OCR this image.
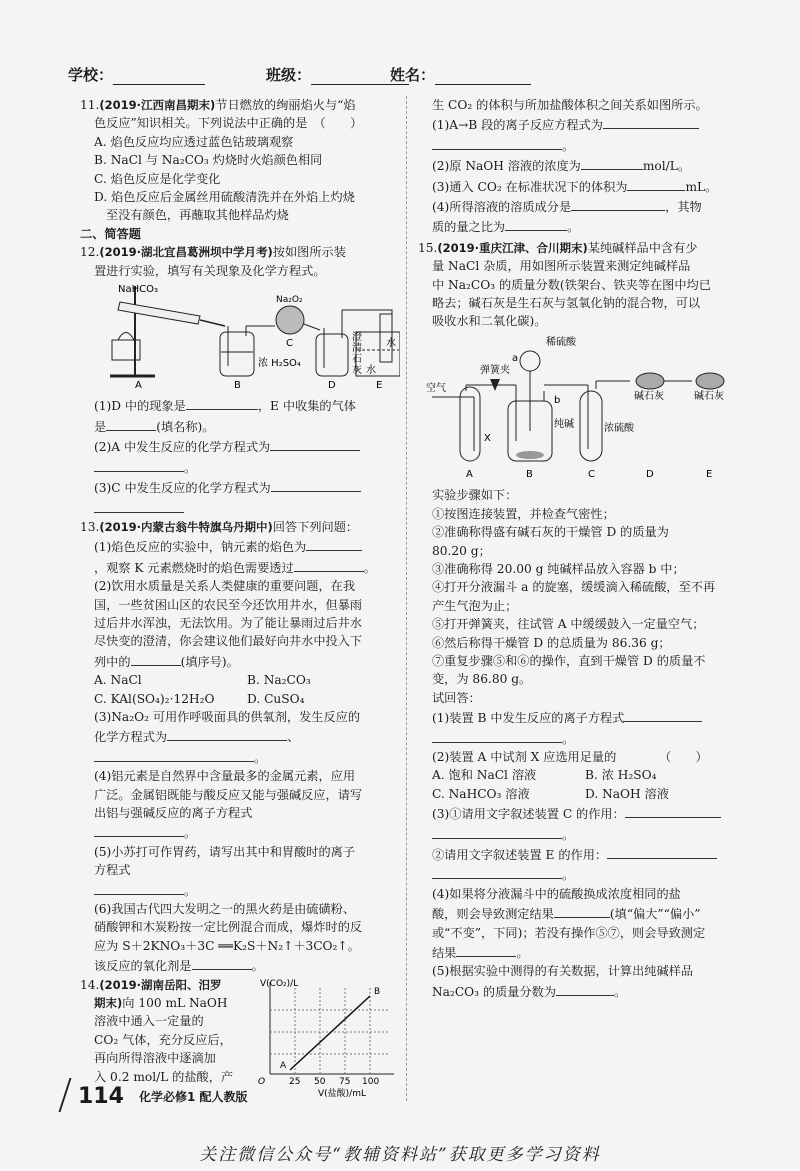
学校：	班级：	姓名：

11.(2019·江西南昌期末)节日燃放的绚丽焰火与“焰

色反应”知识相关。下列说法中正确的是　（　　）

A. 焰色反应均应透过蓝色钴玻璃观察

B. NaCl 与 Na₂CO₃ 灼烧时火焰颜色相同

C. 焰色反应是化学变化

D. 焰色反应后金属丝用硫酸清洗并在外焰上灼烧

至没有颜色，再蘸取其他样品灼烧

二、简答题

12.(2019·湖北宜昌葛洲坝中学月考)按如图所示装

置进行实验，填写有关现象及化学方程式。

NaHCO₃
Na₂O₂
浓 H₂SO₄
澄
清
石
灰 水
水
A	B
C
D	E

(1)D 中的现象是	，E 中收集的气体

是	(填名称)。

(2)A 中发生反应的化学方程式为

。

(3)C 中发生反应的化学方程式为

13.(2019·内蒙古翁牛特旗乌丹期中)回答下列问题：

(1)焰色反应的实验中，钠元素的焰色为

，观察 K 元素燃烧时的焰色需要透过	。

(2)饮用水质量是关系人类健康的重要问题，在我

国，一些贫困山区的农民至今还饮用井水，但暴雨

过后井水浑浊，无法饮用。为了能让暴雨过后井水

尽快变的澄清，你会建议他们最好向井水中投入下

列中的	(填序号)。

A. NaCl	B. Na₂CO₃
C. KAl(SO₄)₂·12H₂O	D. CuSO₄

(3)Na₂O₂ 可用作呼吸面具的供氧剂，发生反应的

化学方程式为	、

。

(4)铝元素是自然界中含量最多的金属元素，应用

广泛。金属铝既能与酸反应又能与强碱反应，请写

出铝与强碱反应的离子方程式

。

(5)小苏打可作胃药，请写出其中和胃酸时的离子

方程式

。

(6)我国古代四大发明之一的黑火药是由硫磺粉、

硝酸钾和木炭粉按一定比例混合而成，爆炸时的反

应为 S＋2KNO₃＋3C ══K₂S＋N₂↑＋3CO₂↑。

该反应的氧化剂是	。

14.(2019·湖南岳阳、汨罗

期末)向 100 mL NaOH

溶液中通入一定量的

CO₂ 气体，充分反应后，

再向所得溶液中逐滴加

入 0.2 mol/L 的盐酸，产

V(CO₂)/L
B
A
O	25 50 75 100
V(盐酸)/mL

生 CO₂ 的体积与所加盐酸体积之间关系如图所示。

(1)A→B 段的离子反应方程式为

。

(2)原 NaOH 溶液的浓度为	mol/L。

(3)通入 CO₂ 在标准状况下的体积为	mL。

(4)所得溶液的溶质成分是	，其物

质的量之比为	。

15.(2019·重庆江津、合川期末)某纯碱样品中含有少

量 NaCl 杂质，用如图所示装置来测定纯碱样品

中 Na₂CO₃ 的质量分数(铁架台、铁夹等在图中均已

略去；碱石灰是生石灰与氢氧化钠的混合物，可以

吸收水和二氧化碳)。

稀硫酸
a
b
空气
弹簧夹
X
纯碱	浓硫酸
碱石灰	碱石灰
A	B	C	D	E

实验步骤如下：

①按图连接装置，并检查气密性；

②准确称得盛有碱石灰的干燥管 D 的质量为

80.20 g；

③准确称得 20.00 g 纯碱样品放入容器 b 中；

④打开分液漏斗 a 的旋塞，缓缓滴入稀硫酸，至不再

产生气泡为止；

⑤打开弹簧夹，往试管 A 中缓缓鼓入一定量空气；

⑥然后称得干燥管 D 的总质量为 86.36 g；

⑦重复步骤⑤和⑥的操作，直到干燥管 D 的质量不

变，为 86.80 g。

试回答：

(1)装置 B 中发生反应的离子方程式

。

(2)装置 A 中试剂 X 应选用足量的　　　　（　　）

A. 饱和 NaCl 溶液	B. 浓 H₂SO₄
C. NaHCO₃ 溶液	D. NaOH 溶液

(3)①请用文字叙述装置 C 的作用：

。

②请用文字叙述装置 E 的作用：

。

(4)如果将分液漏斗中的硫酸换成浓度相同的盐

酸，则会导致测定结果	(填“偏大”“偏小”

或“不变”，下同)；若没有操作⑤⑦，则会导致测定

结果	。

(5)根据实验中测得的有关数据，计算出纯碱样品

Na₂CO₃ 的质量分数为	。

114 化学必修1 配人教版
关注微信公众号“教辅资料站”获取更多学习资料
